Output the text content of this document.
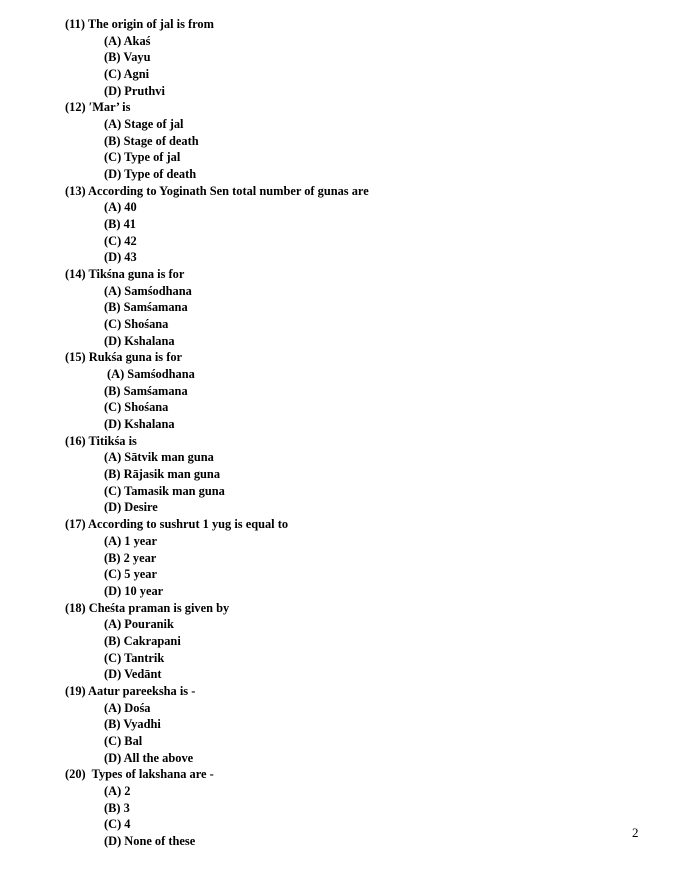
(11) The origin of jal is from
(A) Akaś
(B) Vayu
(C) Agni
(D) Pruthvi
(12) ′Mar’ is
(A) Stage of jal
(B) Stage of death
(C) Type of jal
(D) Type of death
(13) According to Yoginath Sen total number of gunas are
(A) 40
(B) 41
(C) 42
(D) 43
(14) Tikśna guna is for
(A) Samśodhana
(B) Samśamana
(C) Shośana
(D) Kshalana
(15) Rukśa guna is for
(A) Samśodhana
(B) Samśamana
(C) Shośana
(D) Kshalana
(16) Titikśa is
(A) Sātvik man guna
(B) Rājasik man guna
(C) Tamasik man guna
(D) Desire
(17) According to sushrut 1 yug is equal to
(A) 1 year
(B) 2 year
(C) 5 year
(D) 10 year
(18) Cheśta praman is given by
(A) Pouranik
(B) Cakrapani
(C) Tantrik
(D) Vedānt
(19) Aatur pareeksha is -
(A) Dośa
(B) Vyadhi
(C) Bal
(D) All the above
(20)  Types of lakshana are -
(A) 2
(B) 3
(C) 4
(D) None of these
2
